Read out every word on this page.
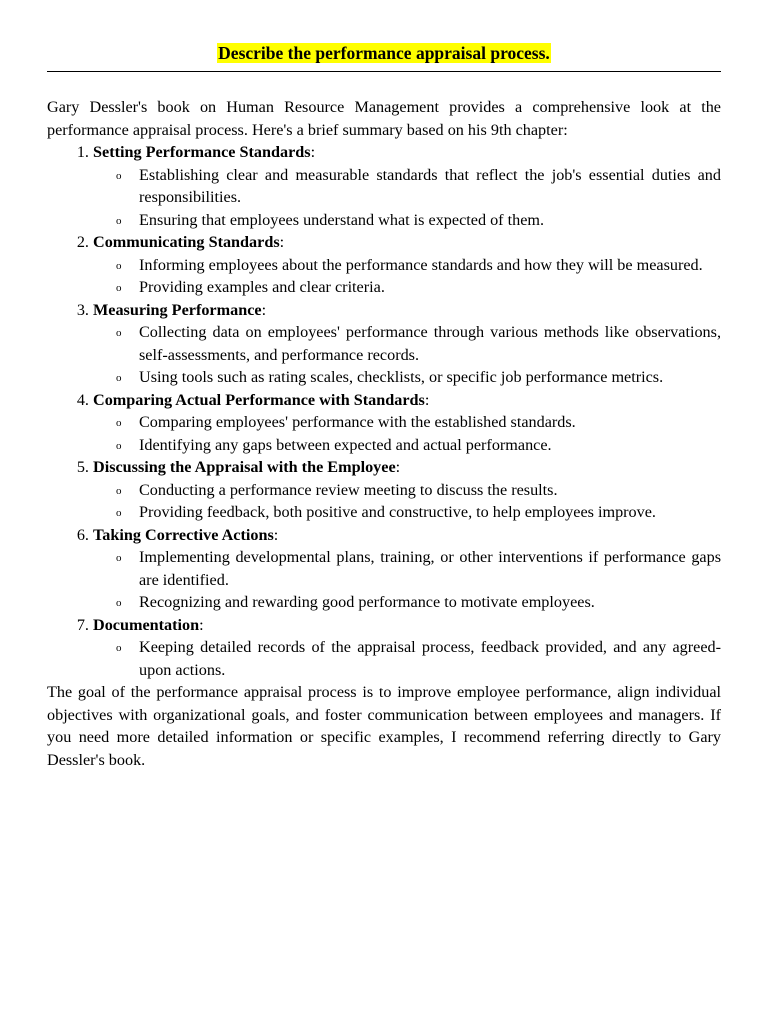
Describe the performance appraisal process.

Gary Dessler's book on Human Resource Management provides a comprehensive look at the performance appraisal process. Here's a brief summary based on his 9th chapter:

1. Setting Performance Standards:
o Establishing clear and measurable standards that reflect the job's essential duties and responsibilities.
o Ensuring that employees understand what is expected of them.
2. Communicating Standards:
o Informing employees about the performance standards and how they will be measured.
o Providing examples and clear criteria.
3. Measuring Performance:
o Collecting data on employees' performance through various methods like observations, self-assessments, and performance records.
o Using tools such as rating scales, checklists, or specific job performance metrics.
4. Comparing Actual Performance with Standards:
o Comparing employees' performance with the established standards.
o Identifying any gaps between expected and actual performance.
5. Discussing the Appraisal with the Employee:
o Conducting a performance review meeting to discuss the results.
o Providing feedback, both positive and constructive, to help employees improve.
6. Taking Corrective Actions:
o Implementing developmental plans, training, or other interventions if performance gaps are identified.
o Recognizing and rewarding good performance to motivate employees.
7. Documentation:
o Keeping detailed records of the appraisal process, feedback provided, and any agreed-upon actions.

The goal of the performance appraisal process is to improve employee performance, align individual objectives with organizational goals, and foster communication between employees and managers. If you need more detailed information or specific examples, I recommend referring directly to Gary Dessler's book.
